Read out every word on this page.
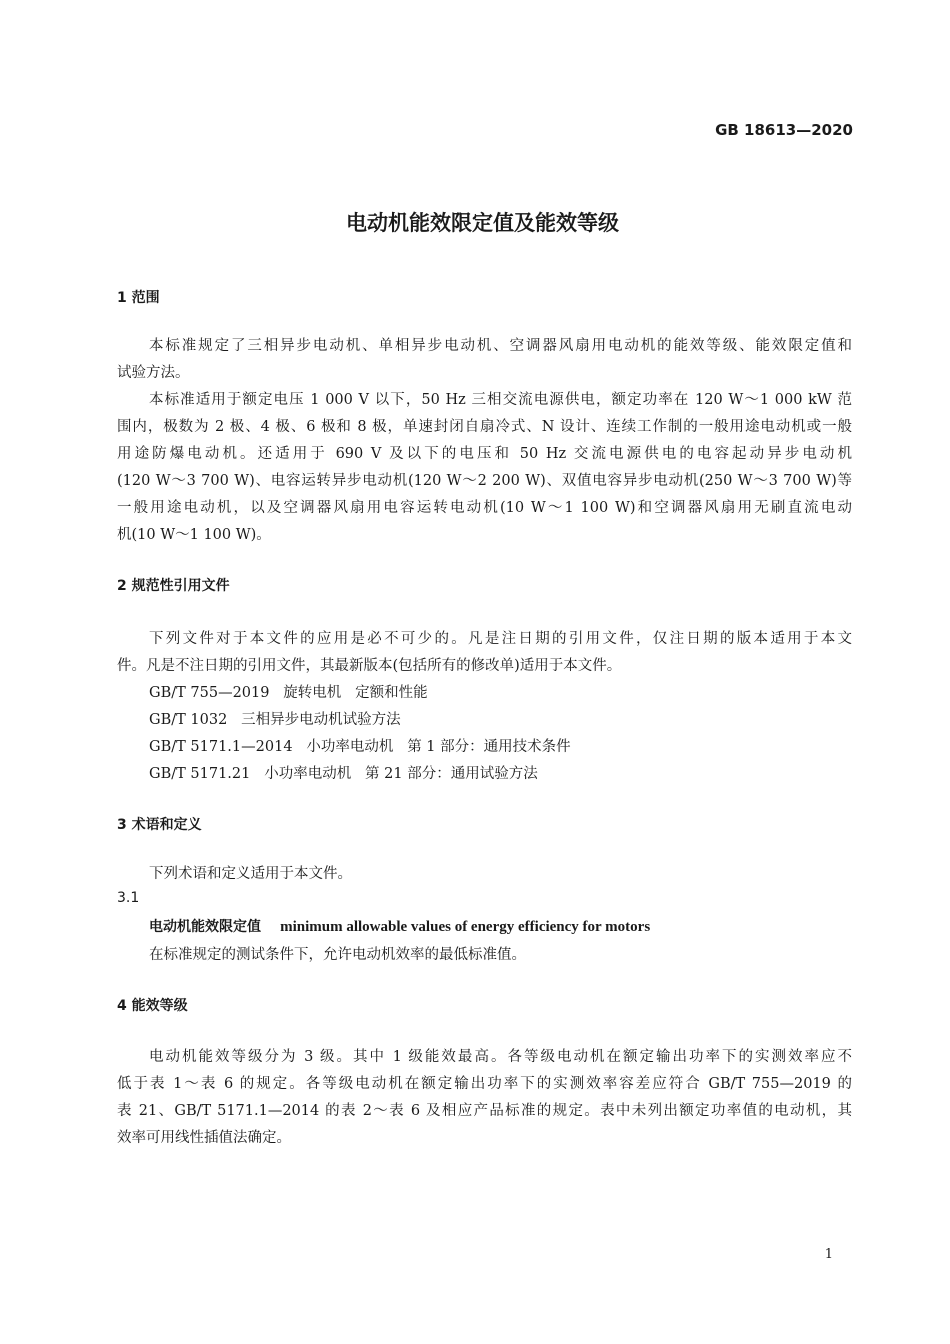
GB 18613—2020
电动机能效限定值及能效等级
1 范围
本标准规定了三相异步电动机、单相异步电动机、空调器风扇用电动机的能效等级、能效限定值和
试验方法。
本标准适用于额定电压 1 000 V 以下，50 Hz 三相交流电源供电，额定功率在 120 W～1 000 kW 范
围内，极数为 2 极、4 极、6 极和 8 极，单速封闭自扇冷式、N 设计、连续工作制的一般用途电动机或一般
用途防爆电动机。还适用于 690 V 及以下的电压和 50 Hz 交流电源供电的电容起动异步电动机
(120 W～3 700 W)、电容运转异步电动机(120 W～2 200 W)、双值电容异步电动机(250 W～3 700 W)等
一般用途电动机，以及空调器风扇用电容运转电动机(10 W～1 100 W)和空调器风扇用无刷直流电动
机(10 W～1 100 W)。
2 规范性引用文件
下列文件对于本文件的应用是必不可少的。凡是注日期的引用文件，仅注日期的版本适用于本文
件。凡是不注日期的引用文件，其最新版本(包括所有的修改单)适用于本文件。
GB/T 755—2019   旋转电机   定额和性能
GB/T 1032   三相异步电动机试验方法
GB/T 5171.1—2014   小功率电动机   第 1 部分：通用技术条件
GB/T 5171.21   小功率电动机   第 21 部分：通用试验方法
3 术语和定义
下列术语和定义适用于本文件。
3.1
电动机能效限定值 minimum allowable values of energy efficiency for motors
在标准规定的测试条件下，允许电动机效率的最低标准值。
4 能效等级
电动机能效等级分为 3 级。其中 1 级能效最高。各等级电动机在额定输出功率下的实测效率应不
低于表 1～表 6 的规定。各等级电动机在额定输出功率下的实测效率容差应符合 GB/T 755—2019 的
表 21、GB/T 5171.1—2014 的表 2～表 6 及相应产品标准的规定。表中未列出额定功率值的电动机，其
效率可用线性插值法确定。
1
